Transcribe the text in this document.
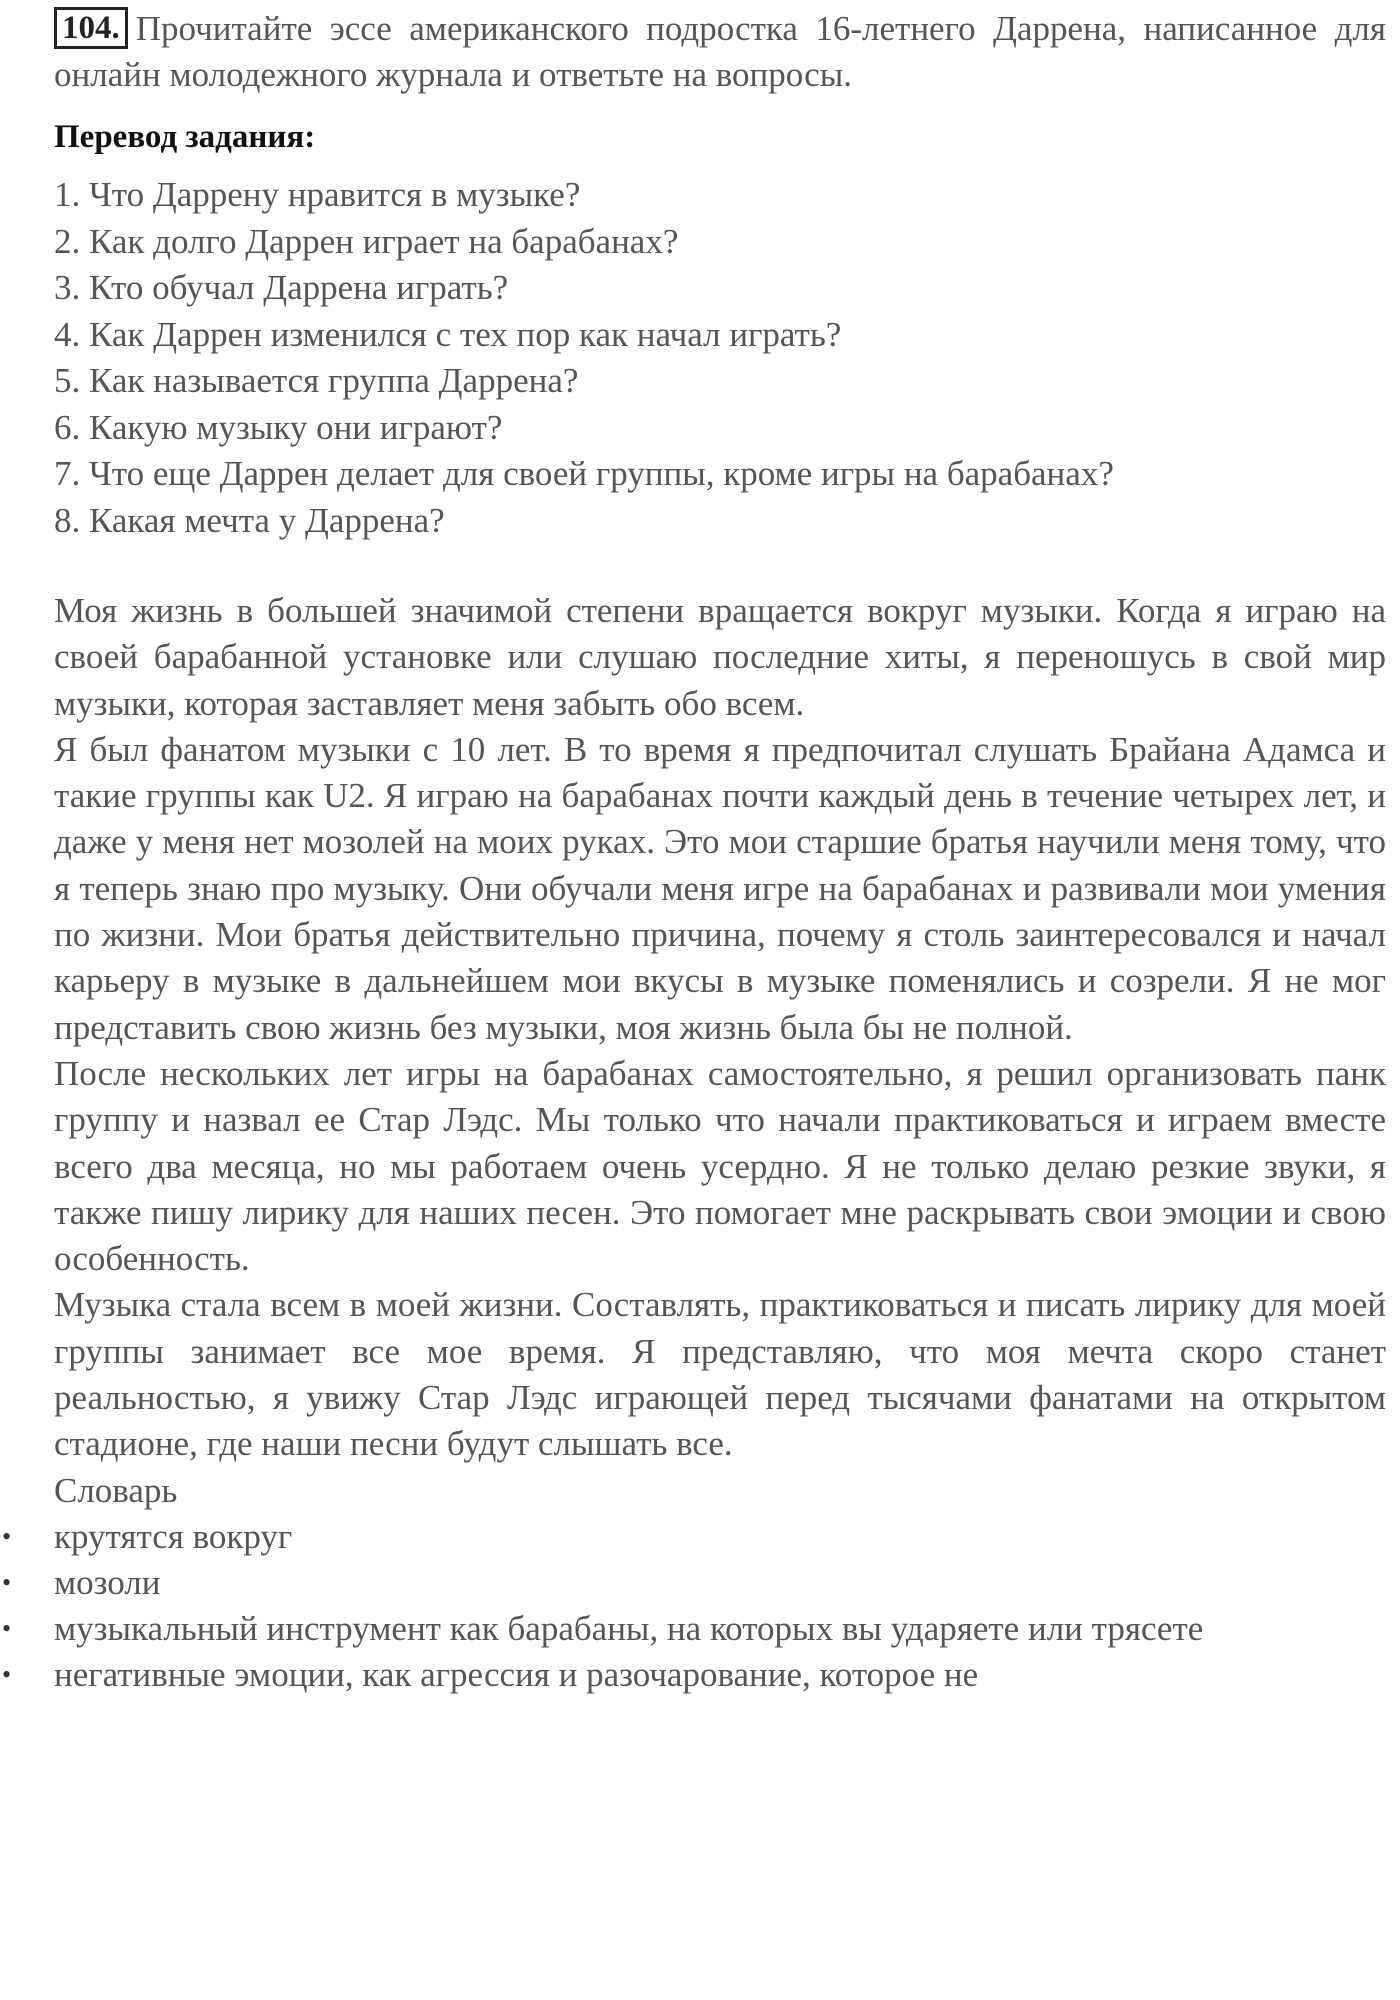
104. Прочитайте эссе американского подростка 16-летнего Даррена, написанное для онлайн молодежного журнала и ответьте на вопросы.

Перевод задания:
1. Что Даррену нравится в музыке?
2. Как долго Даррен играет на барабанах?
3. Кто обучал Даррена играть?
4. Как Даррен изменился с тех пор как начал играть?
5. Как называется группа Даррена?
6. Какую музыку они играют?
7. Что еще Даррен делает для своей группы, кроме игры на барабанах?
8. Какая мечта у Даррена?

Моя жизнь в большей значимой степени вращается вокруг музыки. Когда я играю на своей барабанной установке или слушаю последние хиты, я переношусь в свой мир музыки, которая заставляет меня забыть обо всем.

Я был фанатом музыки с 10 лет. В то время я предпочитал слушать Брайана Адамса и такие группы как U2. Я играю на барабанах почти каждый день в течение четырех лет, и даже у меня нет мозолей на моих руках. Это мои старшие братья научили меня тому, что я теперь знаю про музыку. Они обучали меня игре на барабанах и развивали мои умения по жизни. Мои братья действительно причина, почему я столь заинтересовался и начал карьеру в музыке в дальнейшем мои вкусы в музыке поменялись и созрели. Я не мог представить свою жизнь без музыки, моя жизнь была бы не полной.

После нескольких лет игры на барабанах самостоятельно, я решил организовать панк группу и назвал ее Стар Лэдс. Мы только что начали практиковаться и играем вместе всего два месяца, но мы работаем очень усердно. Я не только делаю резкие звуки, я также пишу лирику для наших песен. Это помогает мне раскрывать свои эмоции и свою особенность.

Музыка стала всем в моей жизни. Составлять, практиковаться и писать лирику для моей группы занимает все мое время. Я представляю, что моя мечта скоро станет реальностью, я увижу Стар Лэдс играющей перед тысячами фанатами на открытом стадионе, где наши песни будут слышать все.

Словарь
• крутятся вокруг
• мозоли
• музыкальный инструмент как барабаны, на которых вы ударяете или трясете
• негативные эмоции, как агрессия и разочарование, которое не
